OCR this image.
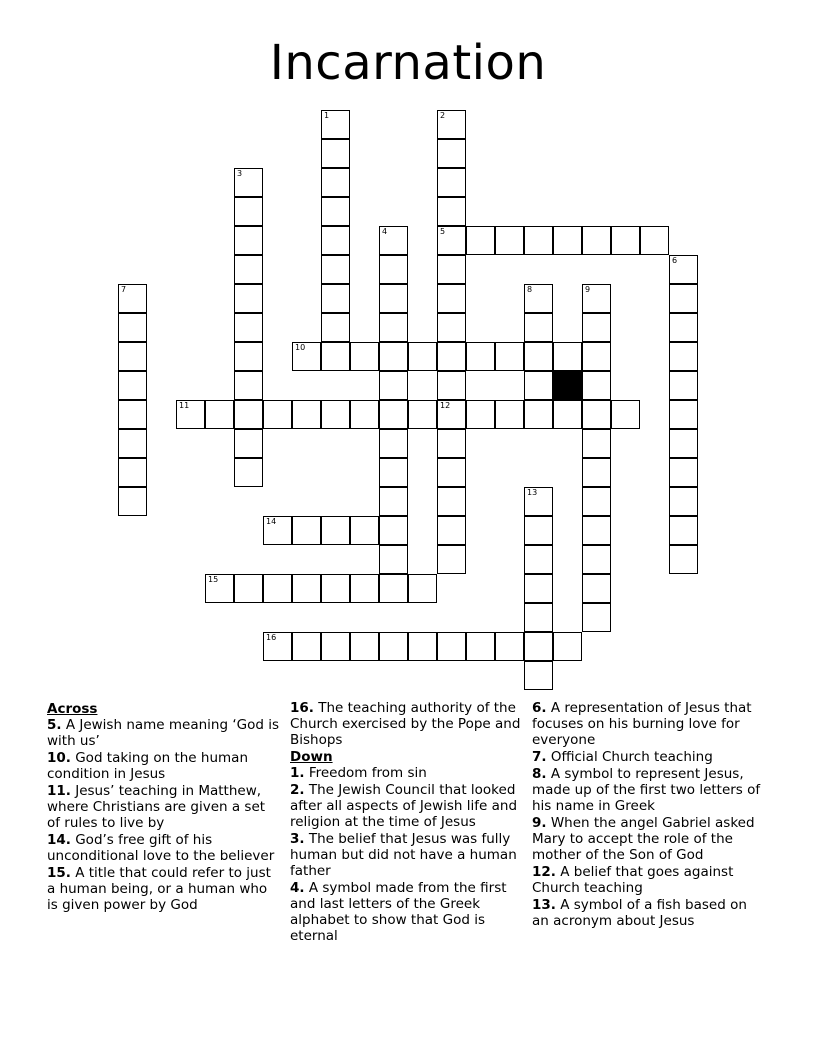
Incarnation
1	2
5
12
3
4
6
7	8	9
10
11
13
14
15
16
Across
5. A Jewish name meaning ‘God is with us’
10. God taking on the human condition in Jesus
11. Jesus’ teaching in Matthew, where Christians are given a set of rules to live by
14. God’s free gift of his unconditional love to the believer
15. A title that could refer to just a human being, or a human who is given power by God
16. The teaching authority of the Church exercised by the Pope and Bishops
Down
1. Freedom from sin
2. The Jewish Council that looked after all aspects of Jewish life and religion at the time of Jesus
3. The belief that Jesus was fully human but did not have a human father
4. A symbol made from the first and last letters of the Greek alphabet to show that God is eternal
6. A representation of Jesus that focuses on his burning love for everyone
7. Official Church teaching
8. A symbol to represent Jesus, made up of the first two letters of his name in Greek
9. When the angel Gabriel asked Mary to accept the role of the mother of the Son of God
12. A belief that goes against Church teaching
13. A symbol of a fish based on an acronym about Jesus
